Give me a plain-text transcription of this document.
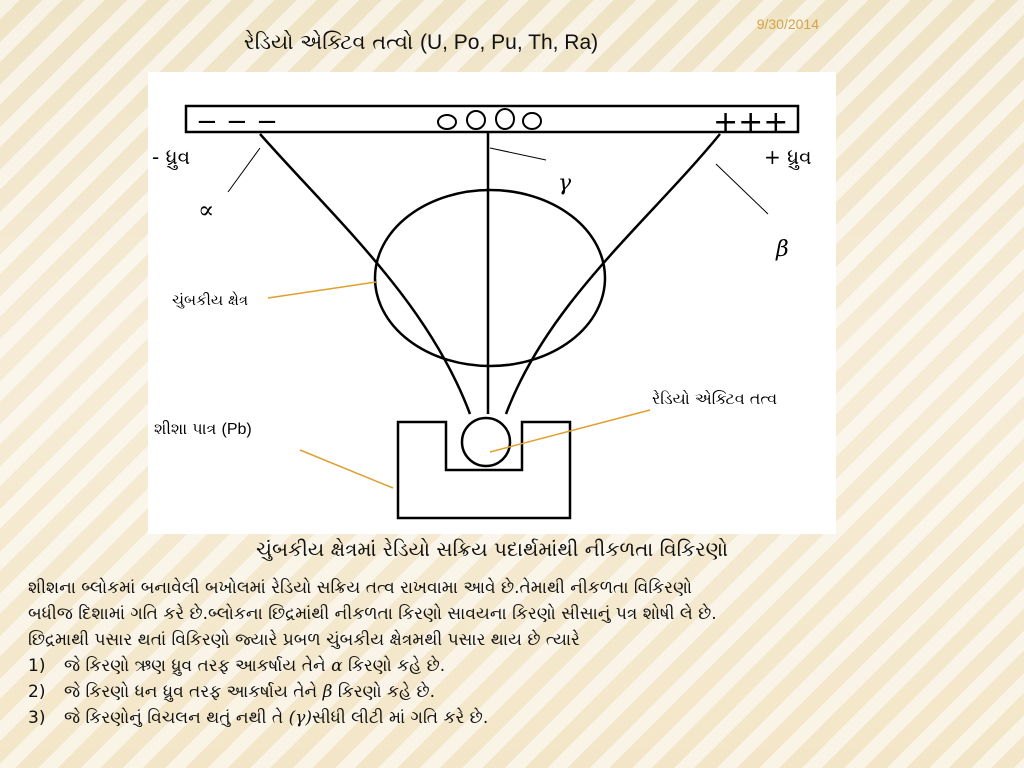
9/30/2014
રેડિયો એક્ટિવ તત્વો (U, Po, Pu, Th, Ra)
− − −	+++
- ધ્રુવ	+ ધ્રુવ
∝
γ
β
ચુંબકીય ક્ષેત્ર
રેડિયો એક્ટિવ તત્વ
શીશા પાત્ર (Pb)
ચુંબકીય ક્ષેત્રમાં રેડિયો સક્રિય પદાર્થમાંથી નીકળતા વિકિરણો

શીશના બ્લોકમાં બનાવેલી બખોલમાં રેડિયો સક્રિય તત્વ રાખવામા આવે છે.તેમાથી નીકળતા વિકિરણો

બધીજ દિશામાં ગતિ કરે છે.બ્લોકના છિદ્રમાંથી નીકળતા કિરણો સાવયના કિરણો સીસાનું પત્ર શોષી લે છે.

છિદ્રમાથી પસાર થતાં વિકિરણો જ્યારે પ્રબળ ચુંબકીય ક્ષેત્રમથી પસાર થાય છે ત્યારે

1) જે કિરણો ઋણ ધ્રુવ તરફ આકર્ષાય તેને α કિરણો કહે છે.
2) જે કિરણો ધન ધ્રુવ તરફ આકર્ષાય તેને β કિરણો કહે છે.
3) જે કિરણોનું વિચલન થતું નથી તે (γ)સીધી લીટી માં ગતિ કરે છે.
